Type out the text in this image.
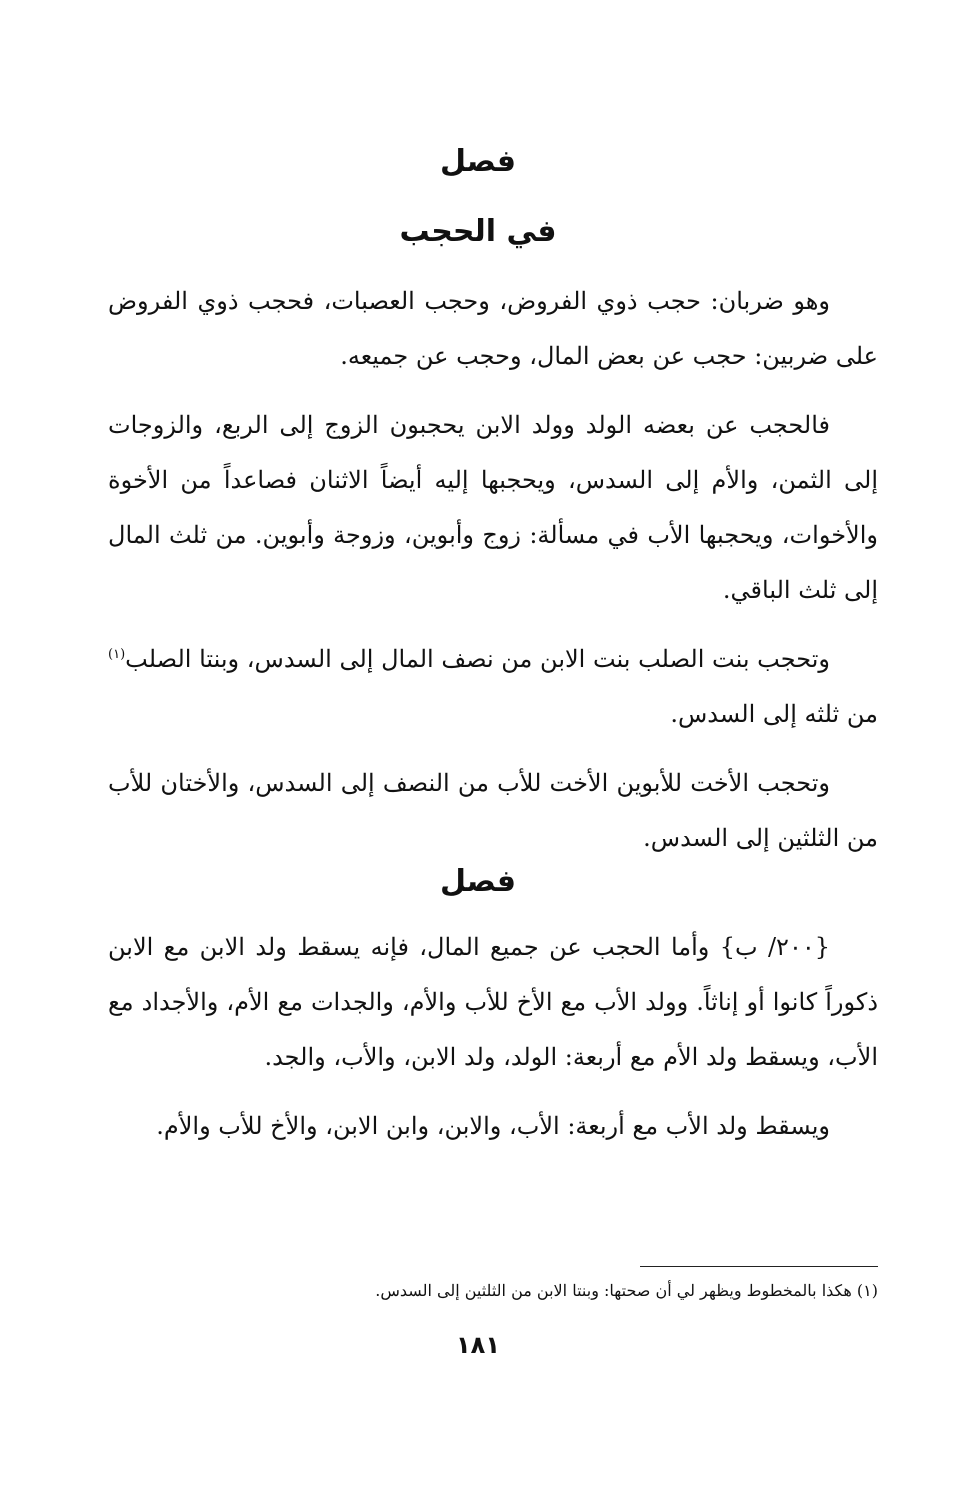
فصل
في الحجب

وهو ضربان: حجب ذوي الفروض، وحجب العصبات، فحجب ذوي الفروض على ضربين: حجب عن بعض المال، وحجب عن جميعه.

فالحجب عن بعضه الولد وولد الابن يحجبون الزوج إلى الربع، والزوجات إلى الثمن، والأم إلى السدس، ويحجبها إليه أيضاً الاثنان فصاعداً من الأخوة والأخوات، ويحجبها الأب في مسألة: زوج وأبوين، وزوجة وأبوين. من ثلث المال إلى ثلث الباقي.

وتحجب بنت الصلب بنت الابن من نصف المال إلى السدس، وبنتا الصلب$^{(١)}$ من ثلثه إلى السدس.

وتحجب الأخت للأبوين الأخت للأب من النصف إلى السدس، والأختان للأب من الثلثين إلى السدس.

فصل

{٢٠٠/ ب} وأما الحجب عن جميع المال، فإنه يسقط ولد الابن مع الابن ذكوراً كانوا أو إناثاً. وولد الأب مع الأخ للأب والأم، والجدات مع الأم، والأجداد مع الأب، ويسقط ولد الأم مع أربعة: الولد، ولد الابن، والأب، والجد.

ويسقط ولد الأب مع أربعة: الأب، والابن، وابن الابن، والأخ للأب والأم.

(١) هكذا بالمخطوط ويظهر لي أن صحتها: وبنتا الابن من الثلثين إلى السدس.
١٨١
